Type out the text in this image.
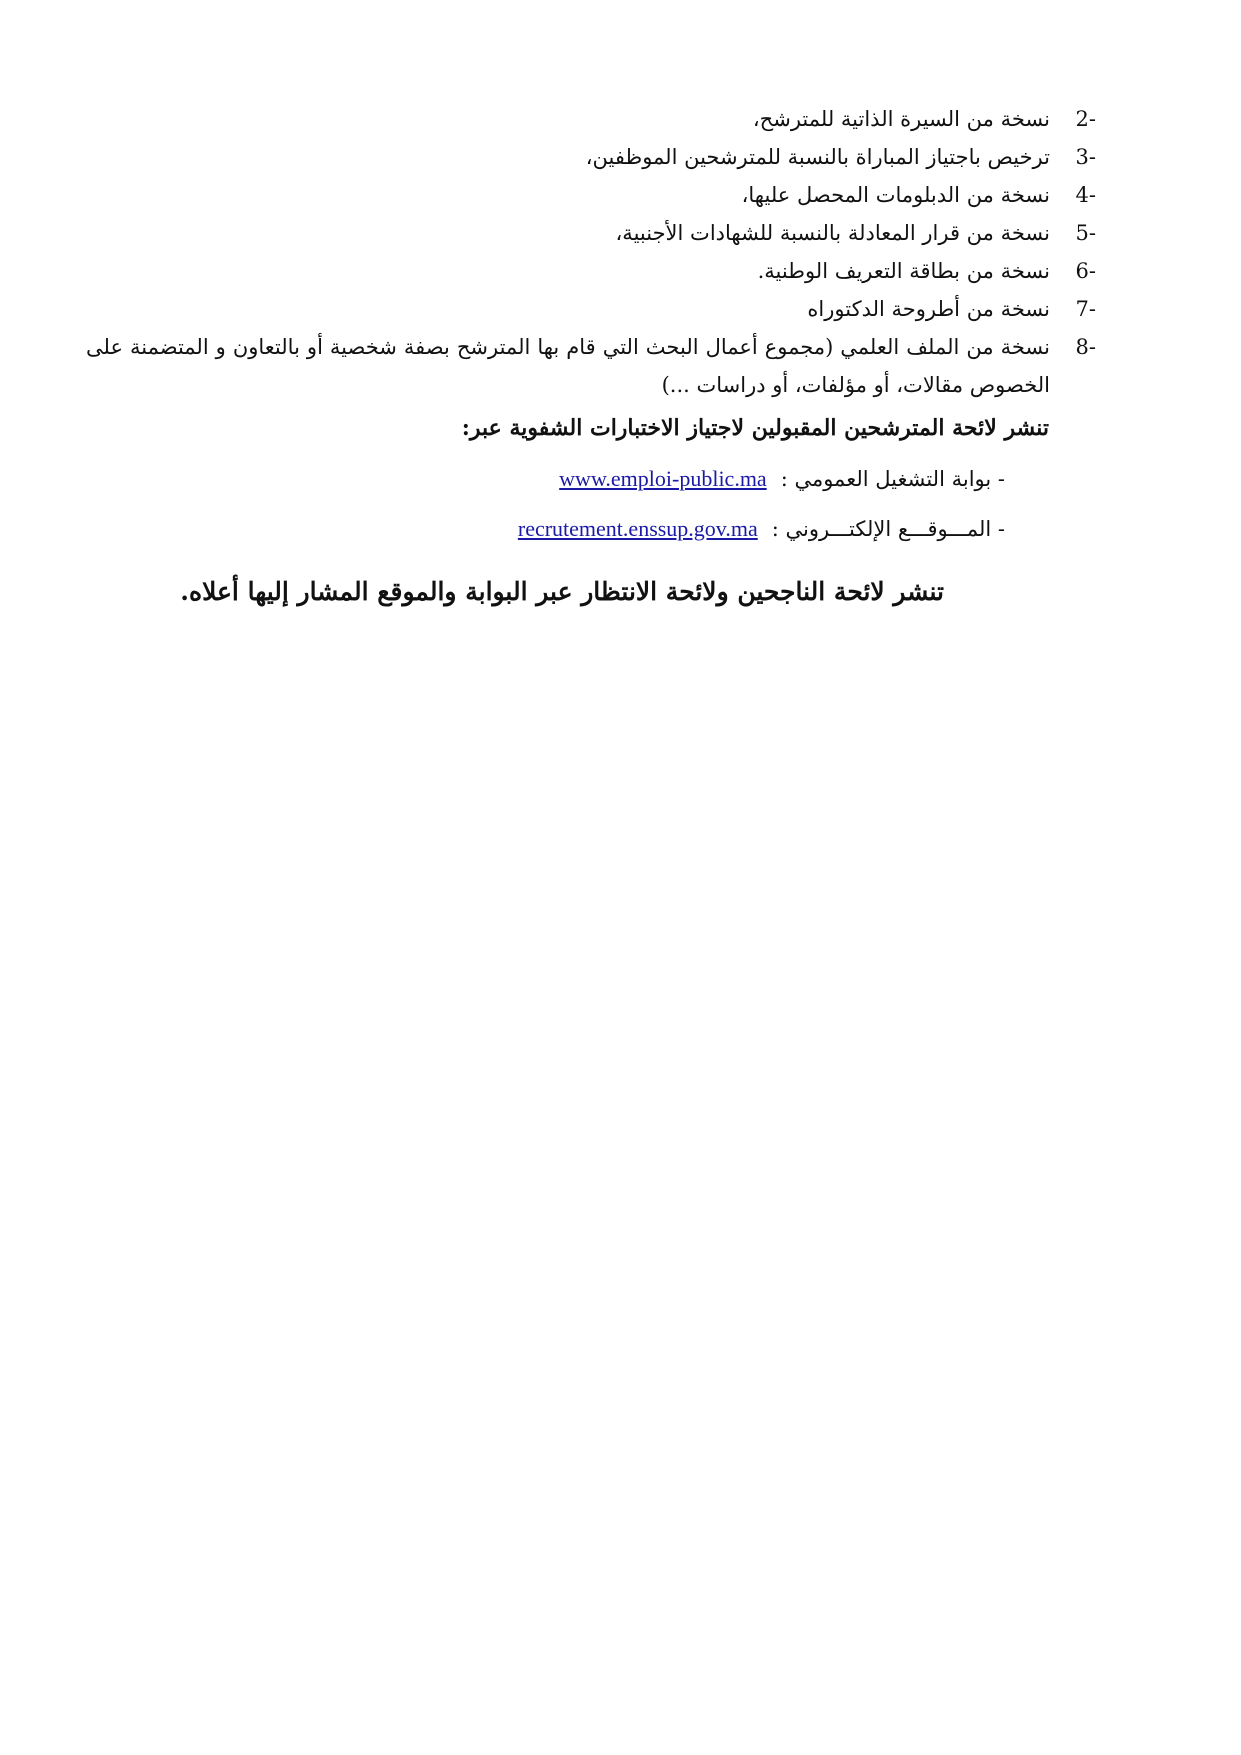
2-
نسخة من السيرة الذاتية للمترشح،
3-
ترخيص باجتياز المباراة بالنسبة للمترشحين الموظفين،
4-
نسخة من الدبلومات المحصل عليها،
5-
نسخة من قرار المعادلة بالنسبة للشهادات الأجنبية،
6-
نسخة من بطاقة التعريف الوطنية.
7-
نسخة من أطروحة الدكتوراه
8-
نسخة من الملف العلمي (مجموع أعمال البحث التي قام بها المترشح بصفة شخصية أو بالتعاون و المتضمنة على الخصوص مقالات، أو مؤلفات، أو دراسات ...)
تنشر لائحة المترشحين المقبولين لاجتياز الاختبارات الشفوية عبر:
- بوابة التشغيل العمومي :
www.emploi-public.ma
- المـــوقـــع الإلكتـــروني :
recrutement.enssup.gov.ma
تنشر لائحة الناجحين ولائحة الانتظار عبر البوابة والموقع المشار إليها أعلاه.
